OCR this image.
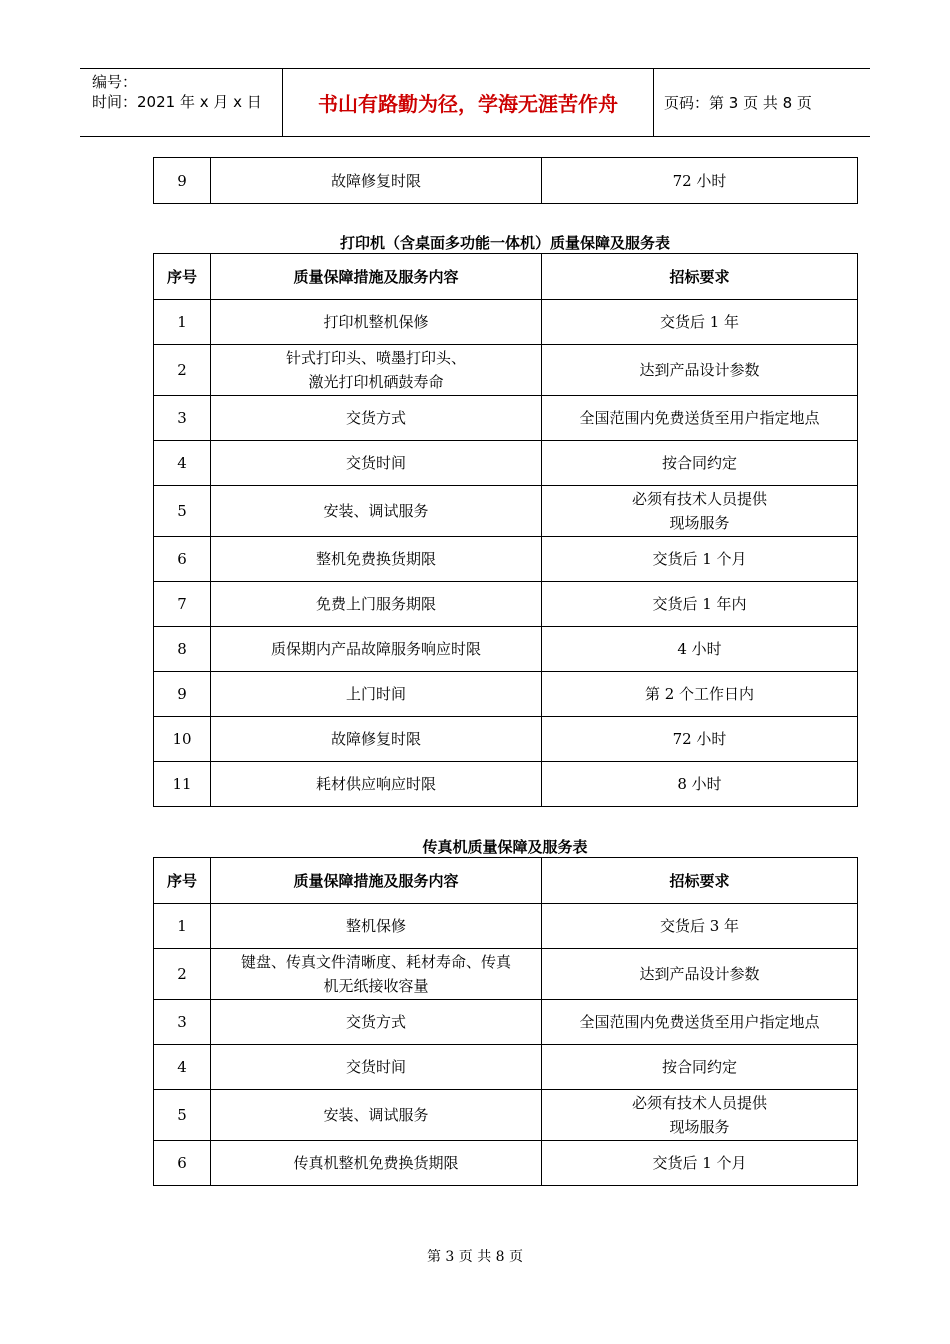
编号：
时间：2021 年 x 月 x 日	书山有路勤为径，学海无涯苦作舟	页码：第 3 页 共 8 页
9	故障修复时限	72 小时
打印机（含桌面多功能一体机）质量保障及服务表
序号	质量保障措施及服务内容	招标要求
1	打印机整机保修	交货后 1 年
2	针式打印头、喷墨打印头、
激光打印机硒鼓寿命	达到产品设计参数
3	交货方式	全国范围内免费送货至用户指定地点
4	交货时间	按合同约定
5	安装、调试服务	必须有技术人员提供
现场服务
6	整机免费换货期限	交货后 1 个月
7	免费上门服务期限	交货后 1 年内
8	质保期内产品故障服务响应时限	4 小时
9	上门时间	第 2 个工作日内
10	故障修复时限	72 小时
11	耗材供应响应时限	8 小时
传真机质量保障及服务表
序号	质量保障措施及服务内容	招标要求
1	整机保修	交货后 3 年
2	键盘、传真文件清晰度、耗材寿命、传真
机无纸接收容量	达到产品设计参数
3	交货方式	全国范围内免费送货至用户指定地点
4	交货时间	按合同约定
5	安装、调试服务	必须有技术人员提供
现场服务
6	传真机整机免费换货期限	交货后 1 个月
第 3 页 共 8 页
